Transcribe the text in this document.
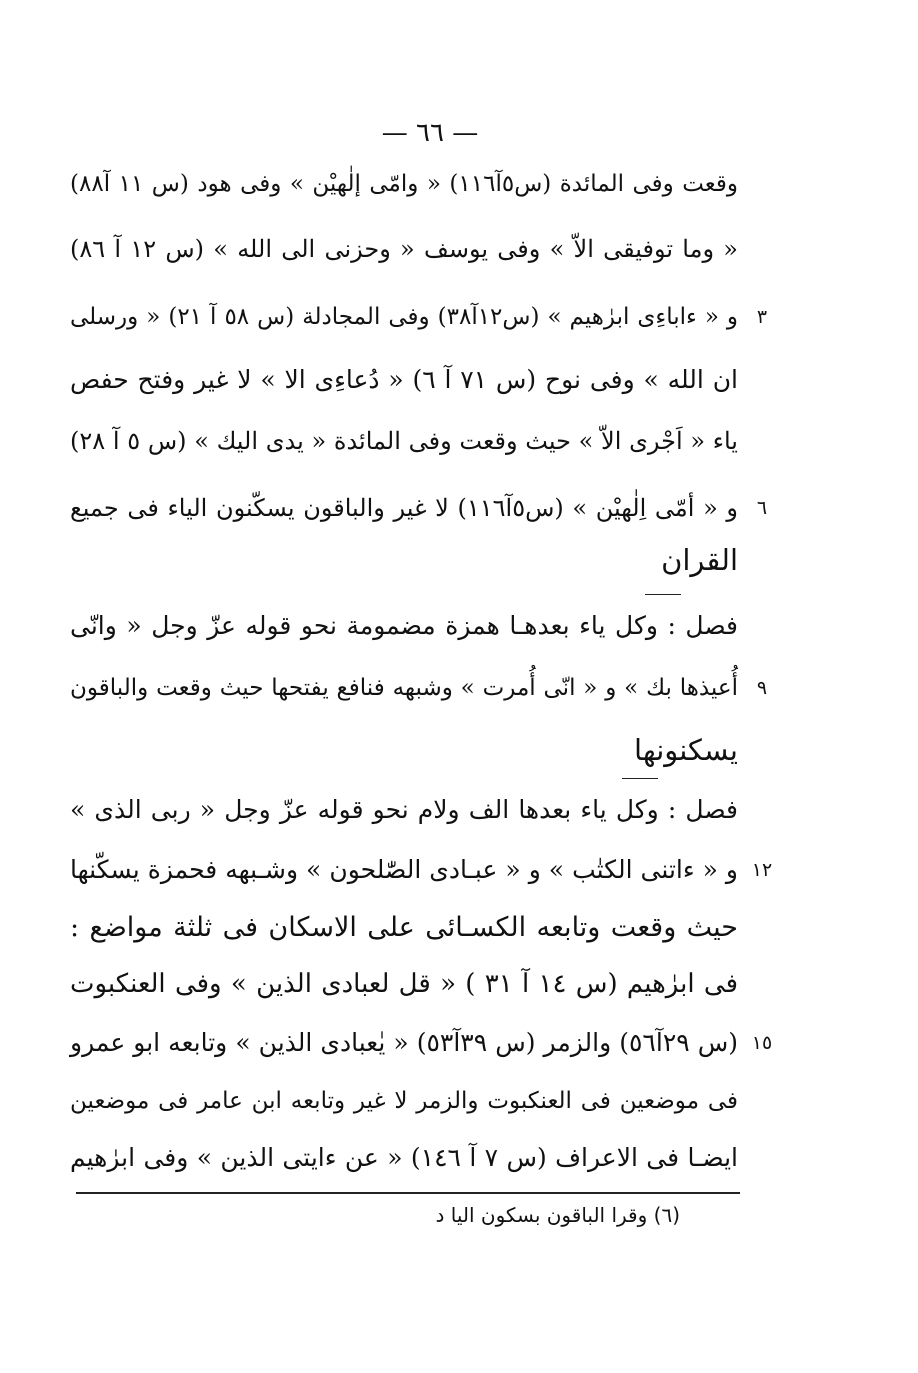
— ٦٦ —
وقعت وفى المائدة (س٥آ١١٦) « وامّى إلٰهيْن » وفى هود (س ١١ آ٨٨)
« وما توفيقى الاّ » وفى يوسف « وحزنى الى الله » (س ١٢ آ ٨٦)
٣
و « ءاباءِى ابرٰهيم » (س١٢آ٣٨) وفى المجادلة (س ٥٨ آ ٢١) « ورسلى
ان الله » وفى نوح (س ٧١ آ ٦) « دُعاءِى الا » لا غير وفتح حفص
ياء « اَجْرى الاّ » حيث وقعت وفى المائدة « يدى اليك » (س ٥ آ ٢٨)
٦
و « أمّى اِلٰهيْن » (س٥آ١١٦) لا غير والباقون يسكّنون الياء فى جميع
القران
فصل : وكل ياء بعدهـا همزة مضمومة نحو قوله عزّ وجل « وانّى
٩
أُعيذها بك » و « انّى أُمرت » وشبهه فنافع يفتحها حيث وقعت والباقون
يسكنونها
فصل : وكل ياء بعدها الف ولام نحو قوله عزّ وجل « ربى الذى »
١٢
و « ءاتنى الكتٰب » و « عبـادى الصّٰلحون » وشـبهه فحمزة يسكّنها
حيث وقعت وتابعه الكسـائى على الاسكان فى ثلثة مواضع :
فى ابرٰهيم (س ١٤ آ ٣١ ) « قل لعبادى الذين » وفى العنكبوت
١٥
(س ٢٩آ٥٦) والزمر (س ٣٩آ٥٣) « يٰعبادى الذين » وتابعه ابو عمرو
فى موضعين فى العنكبوت والزمر لا غير وتابعه ابن عامر فى موضعين
ايضـا فى الاعراف (س ٧ آ ١٤٦) « عن ءايتى الذين » وفى ابرٰهيم
(٦) وقرا الباقون بسكون اليا د
